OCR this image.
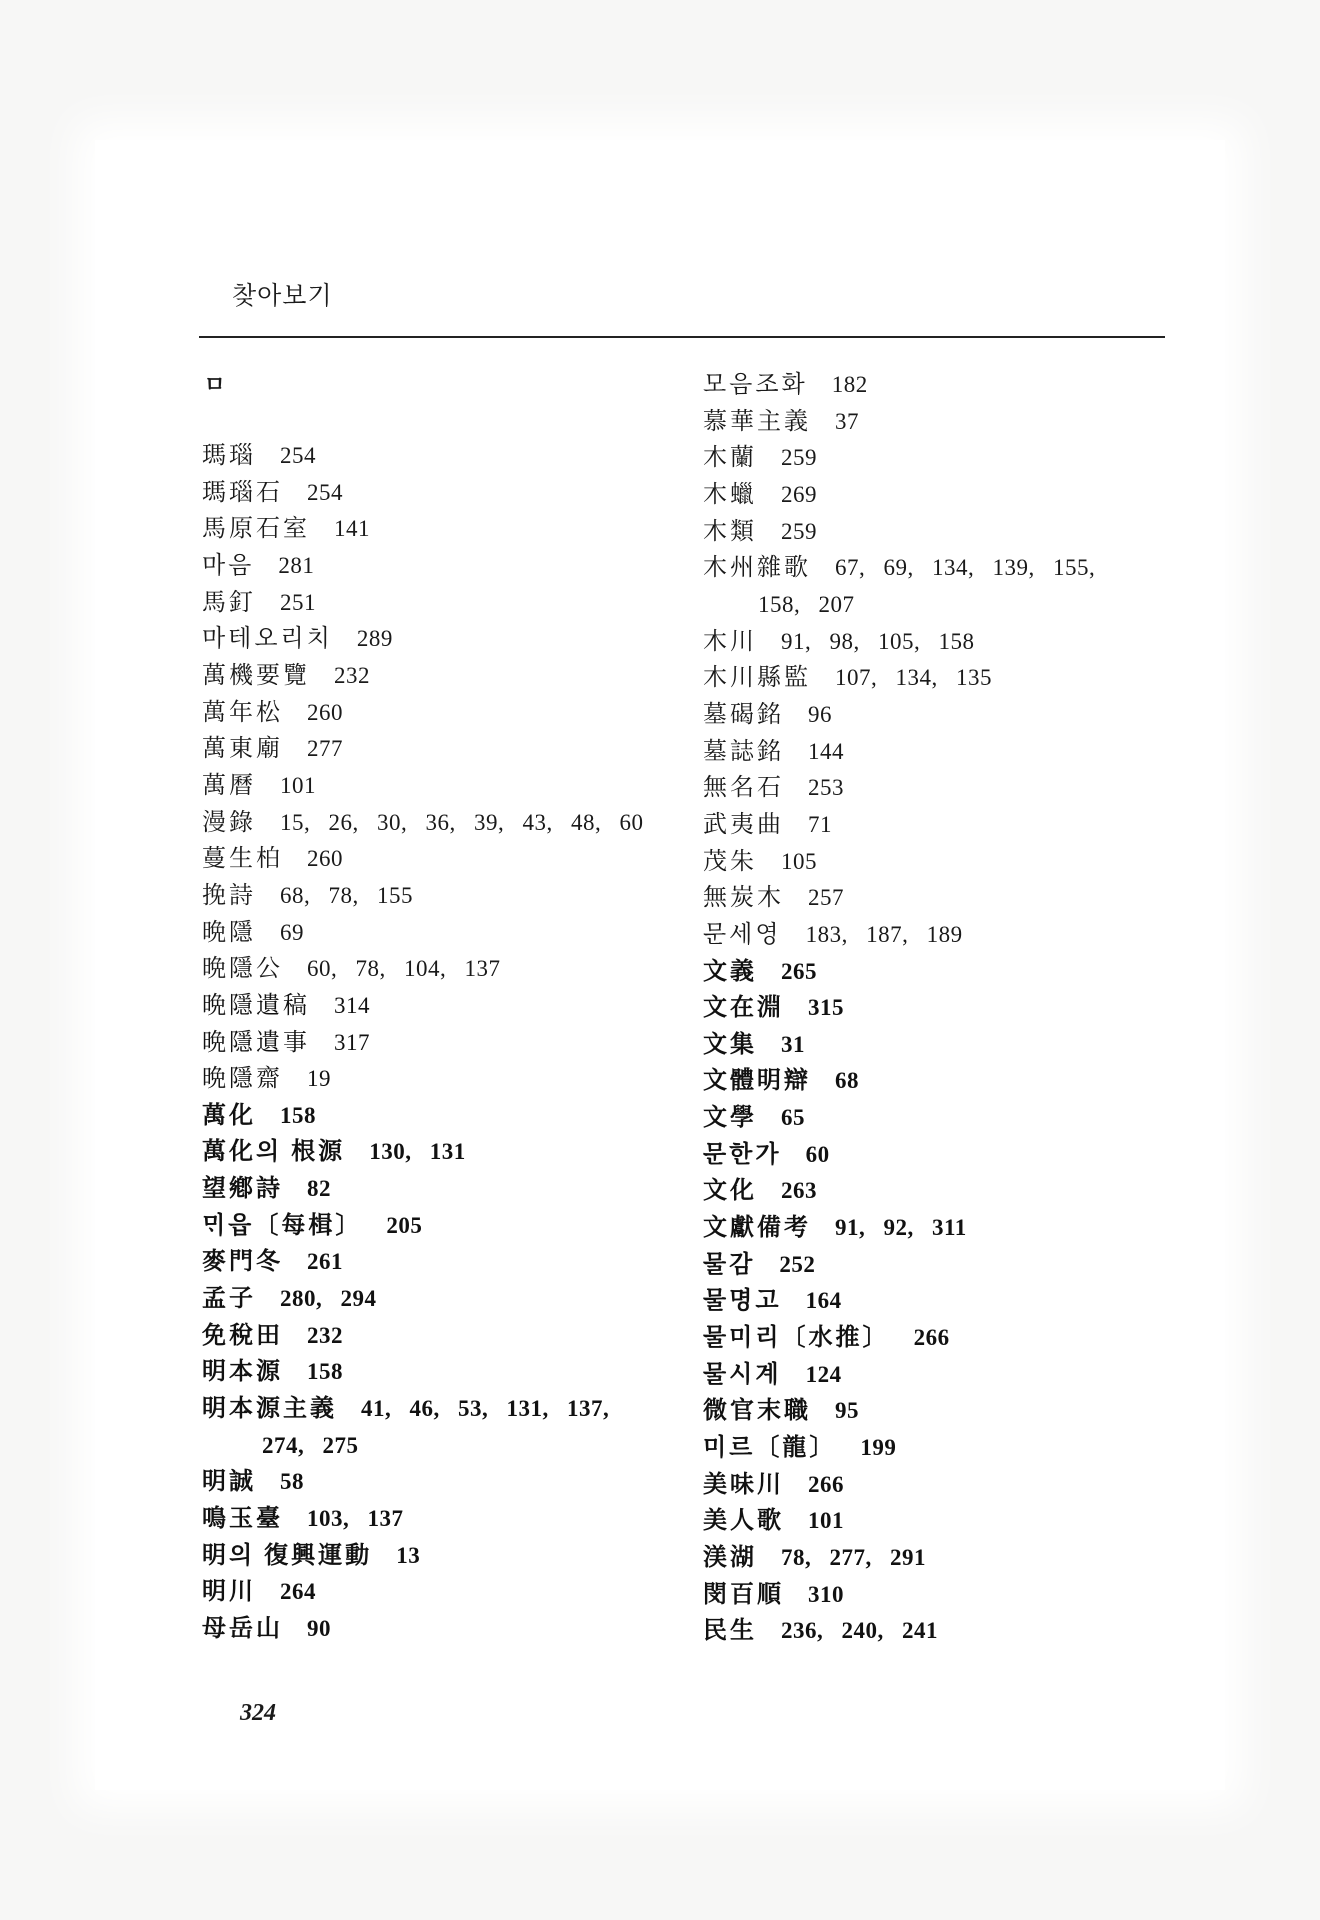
찾아보기
ㅁ
瑪瑙 254
瑪瑙石 254
馬原石室 141
마음 281
馬釘 251
마테오리치 289
萬機要覽 232
萬年松 260
萬東廟 277
萬曆 101
漫錄 15, 26, 30, 36, 39, 43, 48, 60
蔓生柏 260
挽詩 68, 78, 155
晩隱 69
晩隱公 60, 78, 104, 137
晩隱遺稿 314
晩隱遺事 317
晩隱齋 19
萬化 158
萬化의 根源 130, 131
望鄕詩 82
ᄆᆡ읍〔每楫〕 205
麥門冬 261
孟子 280, 294
免稅田 232
明本源 158
明本源主義 41, 46, 53, 131, 137,
274, 275
明誠 58
鳴玉臺 103, 137
明의 復興運動 13
明川 264
母岳山 90
모음조화 182
慕華主義 37
木蘭 259
木蠟 269
木類 259
木州雜歌 67, 69, 134, 139, 155,
158, 207
木川 91, 98, 105, 158
木川縣監 107, 134, 135
墓碣銘 96
墓誌銘 144
無名石 253
武夷曲 71
茂朱 105
無炭木 257
문세영 183, 187, 189
文義 265
文在淵 315
文集 31
文體明辯 68
文學 65
문한가 60
文化 263
文獻備考 91, 92, 311
물감 252
물명고 164
물미리〔水推〕 266
물시계 124
微官末職 95
미르〔龍〕 199
美味川 266
美人歌 101
渼湖 78, 277, 291
閔百順 310
民生 236, 240, 241
324
